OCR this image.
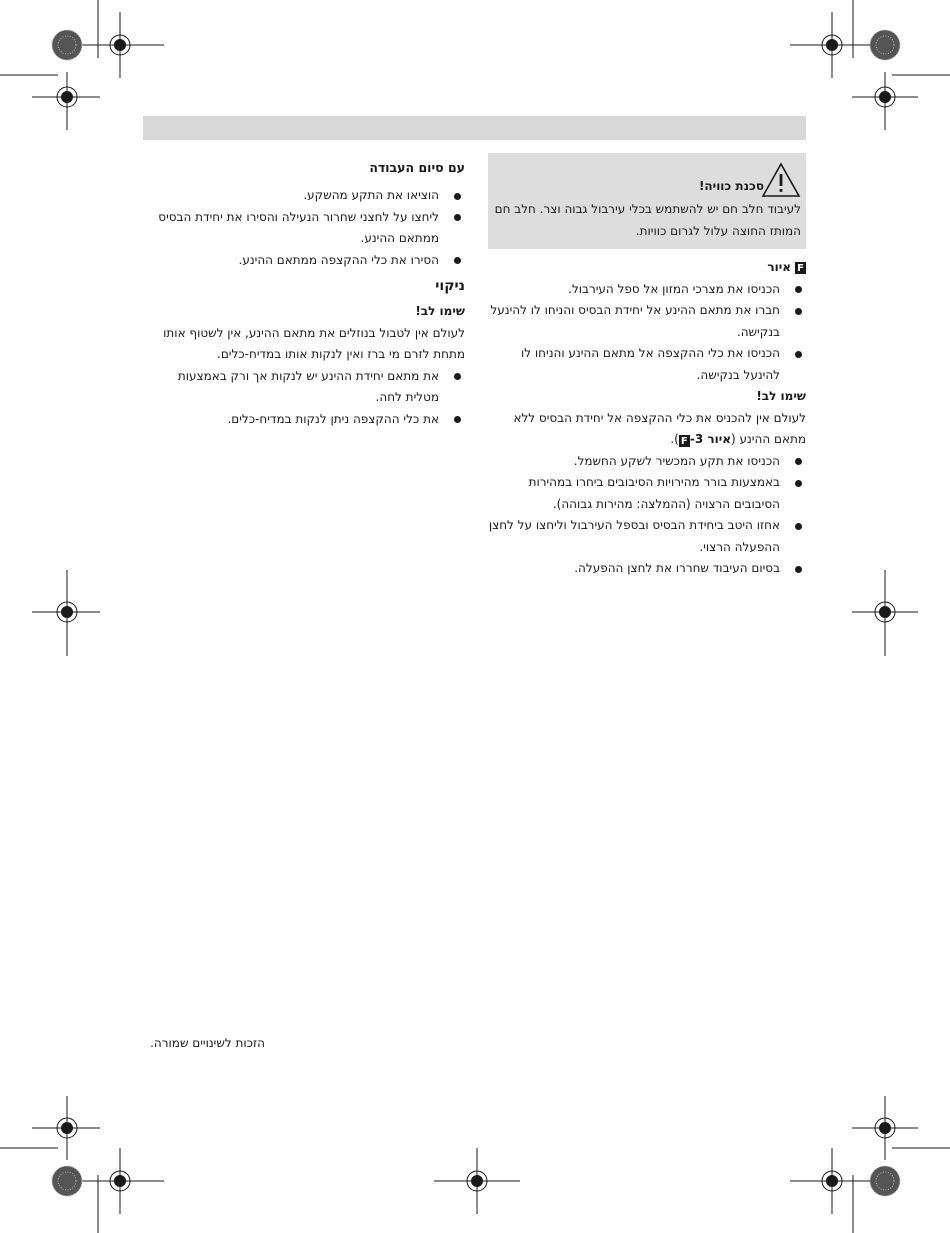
סכנת כוויה!

לעיבוד חלב חם יש להשתמש בכלי עירבול גבוה וצר. חלב חם המותז החוצה עלול לגרום כוויות.

F
איור
הכניסו את מצרכי המזון אל ספל העירבול.
חברו את מתאם ההינע אל יחידת הבסיס והניחו לו להינעל בנקישה.
הכניסו את כלי ההקצפה אל מתאם ההינע והניחו לו להינעל בנקישה.

שימו לב!

לעולם אין להכניס את כלי ההקצפה אל יחידת הבסיס ללא מתאם ההינע (איור 3-F).

הכניסו את תקע המכשיר לשקע החשמל.
באמצעות בורר מהירויות הסיבובים ביחרו במהירות הסיבובים הרצויה (ההמלצה: מהירות גבוהה).
אחזו היטב ביחידת הבסיס ובספל העירבול וליחצו על לחצן ההפעלה הרצוי.
בסיום העיבוד שחררו את לחצן ההפעלה.
עם סיום העבודה
הוציאו את התקע מהשקע.
ליחצו על לחצני שחרור הנעילה והסירו את יחידת הבסיס ממתאם ההינע.
הסירו את כלי ההקצפה ממתאם ההינע.
ניקוי

שימו לב!

לעולם אין לטבול בנוזלים את מתאם ההינע, אין לשטוף אותו מתחת לזרם מי ברז ואין לנקות אותו במדיח-כלים.

את מתאם יחידת ההינע יש לנקות אך ורק באמצעות מטלית לחה.
את כלי ההקצפה ניתן לנקות במדיח-כלים.
הזכות לשינויים שמורה.
